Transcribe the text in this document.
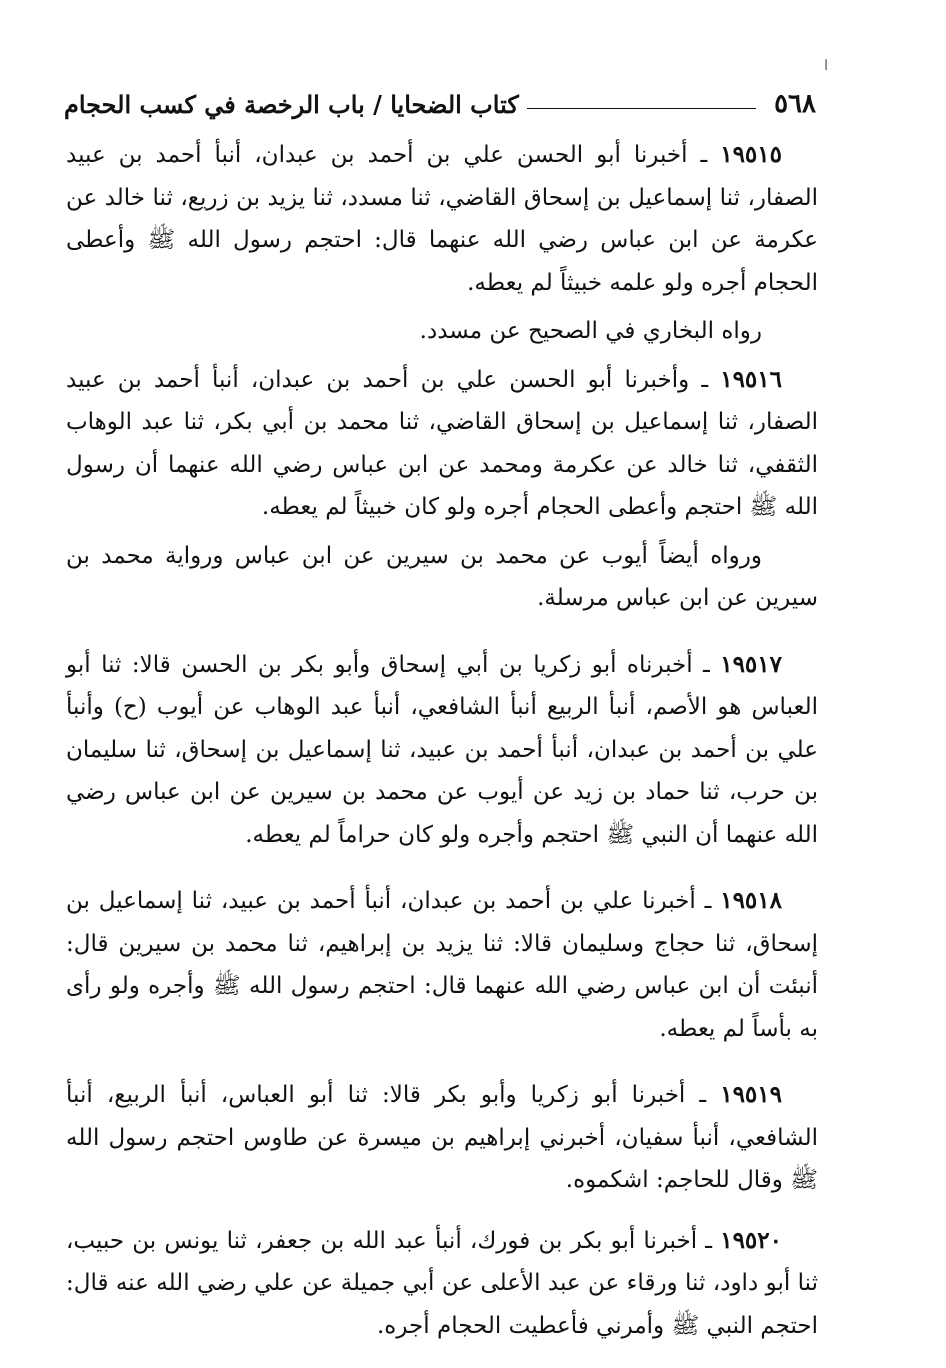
ا
٥٦٨
كتاب الضحايا / باب الرخصة في كسب الحجام

١٩٥١٥ ـ أخبرنا أبو الحسن علي بن أحمد بن عبدان، أنبأ أحمد بن عبيد الصفار، ثنا إسماعيل بن إسحاق القاضي، ثنا مسدد، ثنا يزيد بن زريع، ثنا خالد عن عكرمة عن ابن عباس رضي الله عنهما قال: احتجم رسول الله ﷺ وأعطى الحجام أجره ولو علمه خبيثاً لم يعطه.

رواه البخاري في الصحيح عن مسدد.

١٩٥١٦ ـ وأخبرنا أبو الحسن علي بن أحمد بن عبدان، أنبأ أحمد بن عبيد الصفار، ثنا إسماعيل بن إسحاق القاضي، ثنا محمد بن أبي بكر، ثنا عبد الوهاب الثقفي، ثنا خالد عن عكرمة ومحمد عن ابن عباس رضي الله عنهما أن رسول الله ﷺ احتجم وأعطى الحجام أجره ولو كان خبيثاً لم يعطه.

ورواه أيضاً أيوب عن محمد بن سيرين عن ابن عباس ورواية محمد بن سيرين عن ابن عباس مرسلة.

١٩٥١٧ ـ أخبرناه أبو زكريا بن أبي إسحاق وأبو بكر بن الحسن قالا: ثنا أبو العباس هو الأصم، أنبأ الربيع أنبأ الشافعي، أنبأ عبد الوهاب عن أيوب (ح) وأنبأ علي بن أحمد بن عبدان، أنبأ أحمد بن عبيد، ثنا إسماعيل بن إسحاق، ثنا سليمان بن حرب، ثنا حماد بن زيد عن أيوب عن محمد بن سيرين عن ابن عباس رضي الله عنهما أن النبي ﷺ احتجم وأجره ولو كان حراماً لم يعطه.

١٩٥١٨ ـ أخبرنا علي بن أحمد بن عبدان، أنبأ أحمد بن عبيد، ثنا إسماعيل بن إسحاق، ثنا حجاج وسليمان قالا: ثنا يزيد بن إبراهيم، ثنا محمد بن سيرين قال: أنبئت أن ابن عباس رضي الله عنهما قال: احتجم رسول الله ﷺ وأجره ولو رأى به بأساً لم يعطه.

١٩٥١٩ ـ أخبرنا أبو زكريا وأبو بكر قالا: ثنا أبو العباس، أنبأ الربيع، أنبأ الشافعي، أنبأ سفيان، أخبرني إبراهيم بن ميسرة عن طاوس احتجم رسول الله ﷺ وقال للحاجم: اشكموه.

١٩٥٢٠ ـ أخبرنا أبو بكر بن فورك، أنبأ عبد الله بن جعفر، ثنا يونس بن حبيب، ثنا أبو داود، ثنا ورقاء عن عبد الأعلى عن أبي جميلة عن علي رضي الله عنه قال: احتجم النبي ﷺ وأمرني فأعطيت الحجام أجره.
